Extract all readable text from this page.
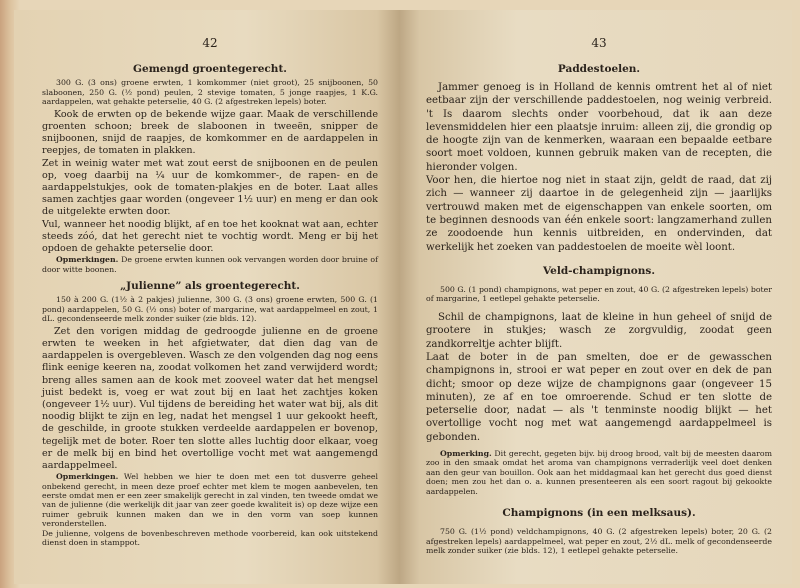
42
Gemengd groentegerecht.

300 G. (3 ons) groene erwten, 1 komkommer (niet groot), 25 snijboonen, 50 slaboonen, 250 G. (½ pond) peulen, 2 stevige tomaten, 5 jonge raapjes, 1 K.G. aardappelen, wat gehakte peterselie, 40 G. (2 afgestreken lepels) boter.

Kook de erwten op de bekende wijze gaar. Maak de verschillende groenten schoon; breek de slaboonen in tweeën, snipper de snijboonen, snijd de raapjes, de komkommer en de aardappelen in reepjes, de tomaten in plakken.
Zet in weinig water met wat zout eerst de snijboonen en de peulen op, voeg daarbij na ¼ uur de komkommer-, de rapen- en de aardappelstukjes, ook de tomaten-plakjes en de boter. Laat alles samen zachtjes gaar worden (ongeveer 1½ uur) en meng er dan ook de uitgelekte erwten door.
Vul, wanneer het noodig blijkt, af en toe het kooknat wat aan, echter steeds zóó, dat het gerecht niet te vochtig wordt. Meng er bij het opdoen de gehakte peterselie door.

Opmerkingen. De groene erwten kunnen ook vervangen worden door bruine of door witte boonen.

„Julienne” als groentegerecht.

150 à 200 G. (1½ à 2 pakjes) julienne, 300 G. (3 ons) groene erwten, 500 G. (1 pond) aardappelen, 50 G. (½ ons) boter of margarine, wat aardappelmeel en zout, 1 dL. gecondenseerde melk zonder suiker (zie blds. 12).

Zet den vorigen middag de gedroogde julienne en de groene erwten te weeken in het afgietwater, dat dien dag van de aardappelen is overgebleven. Wasch ze den volgenden dag nog eens flink eenige keeren na, zoodat volkomen het zand verwijderd wordt; breng alles samen aan de kook met zooveel water dat het mengsel juist bedekt is, voeg er wat zout bij en laat het zachtjes koken (ongeveer 1½ uur). Vul tijdens de bereiding het water wat bij, als dit noodig blijkt te zijn en leg, nadat het mengsel 1 uur gekookt heeft, de geschilde, in groote stukken verdeelde aardappelen er bovenop, tegelijk met de boter. Roer ten slotte alles luchtig door elkaar, voeg er de melk bij en bind het overtollige vocht met wat aangemengd aardappelmeel.

Opmerkingen. Wel hebben we hier te doen met een tot dusverre geheel onbekend gerecht, in meen deze proef echter met klem te mogen aanbevelen, ten eerste omdat men er een zeer smakelijk gerecht in zal vinden, ten tweede omdat we van de julienne (die werkelijk dit jaar van zeer goede kwaliteit is) op deze wijze een ruimer gebruik kunnen maken dan we in den vorm van soep kunnen veronderstellen.
De julienne, volgens de bovenbeschreven methode voorbereid, kan ook uitstekend dienst doen in stamppot.

43
Paddestoelen.

Jammer genoeg is in Holland de kennis omtrent het al of niet eetbaar zijn der verschillende paddestoelen, nog weinig verbreid. 't Is daarom slechts onder voorbehoud, dat ik aan deze levensmiddelen hier een plaatsje inruim: alleen zij, die grondig op de hoogte zijn van de kenmerken, waaraan een bepaalde eetbare soort moet voldoen, kunnen gebruik maken van de recepten, die hieronder volgen.
Voor hen, die hiertoe nog niet in staat zijn, geldt de raad, dat zij zich — wanneer zij daartoe in de gelegenheid zijn — jaarlijks vertrouwd maken met de eigenschappen van enkele soorten, om te beginnen desnoods van één enkele soort: langzamerhand zullen ze zoodoende hun kennis uitbreiden, en ondervinden, dat werkelijk het zoeken van paddestoelen de moeite wèl loont.

Veld-champignons.

500 G. (1 pond) champignons, wat peper en zout, 40 G. (2 afgestreken lepels) boter of margarine, 1 eetlepel gehakte peterselie.

Schil de champignons, laat de kleine in hun geheel of snijd de grootere in stukjes; wasch ze zorgvuldig, zoodat geen zandkorreltje achter blijft.
Laat de boter in de pan smelten, doe er de gewasschen champignons in, strooi er wat peper en zout over en dek de pan dicht; smoor op deze wijze de champignons gaar (ongeveer 15 minuten), ze af en toe omroerende. Schud er ten slotte de peterselie door, nadat — als 't tenminste noodig blijkt — het overtollige vocht nog met wat aangemengd aardappelmeel is gebonden.

Opmerking. Dit gerecht, gegeten bijv. bij droog brood, valt bij de meesten daarom zoo in den smaak omdat het aroma van champignons verraderlijk veel doet denken aan den geur van bouillon. Ook aan het middagmaal kan het gerecht dus goed dienst doen; men zou het dan o. a. kunnen presenteeren als een soort ragout bij gekookte aardappelen.

Champignons (in een melksaus).

750 G. (1½ pond) veldchampignons, 40 G. (2 afgestreken lepels) boter, 20 G. (2 afgestreken lepels) aardappelmeel, wat peper en zout, 2½ dL. melk of gecondenseerde melk zonder suiker (zie blds. 12), 1 eetlepel gehakte peterselie.
